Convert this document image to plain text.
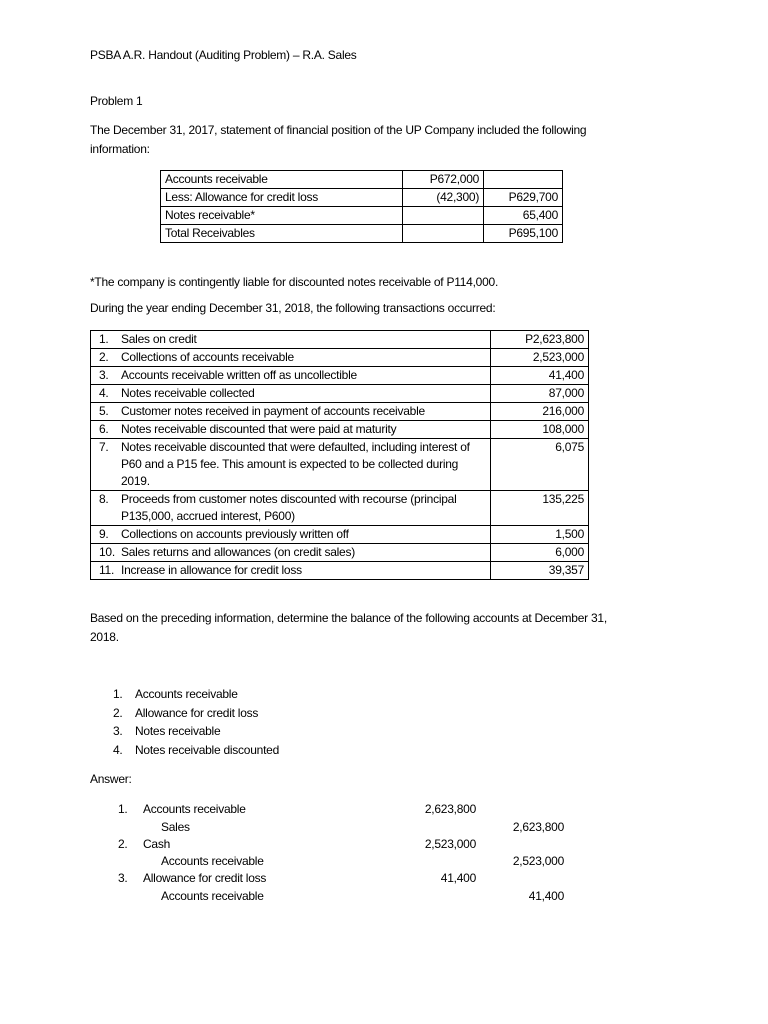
PSBA A.R. Handout (Auditing Problem) – R.A. Sales
Problem 1
The December 31, 2017, statement of financial position of the UP Company included the following
information:
Accounts receivable	P672,000	
Less: Allowance for credit loss	(42,300)	P629,700
Notes receivable*		65,400
Total Receivables		P695,100
*The company is contingently liable for discounted notes receivable of P114,000.
During the year ending December 31, 2018, the following transactions occurred:
1. Sales on credit	P2,623,800
2. Collections of accounts receivable	2,523,000
3. Accounts receivable written off as uncollectible	41,400
4. Notes receivable collected	87,000
5. Customer notes received in payment of accounts receivable	216,000
6. Notes receivable discounted that were paid at maturity	108,000
7. Notes receivable discounted that were defaulted, including interest of P60 and a P15 fee. This amount is expected to be collected during 2019.	6,075
8. Proceeds from customer notes discounted with recourse (principal P135,000, accrued interest, P600)	135,225
9. Collections on accounts previously written off	1,500
10. Sales returns and allowances (on credit sales)	6,000
11. Increase in allowance for credit loss	39,357
Based on the preceding information, determine the balance of the following accounts at December 31,
2018.
1. Accounts receivable
2. Allowance for credit loss
3. Notes receivable
4. Notes receivable discounted
Answer:
1. Accounts receivable	2,623,800
Sales	2,623,800
2. Cash	2,523,000
Accounts receivable	2,523,000
3. Allowance for credit loss	41,400
Accounts receivable	41,400
